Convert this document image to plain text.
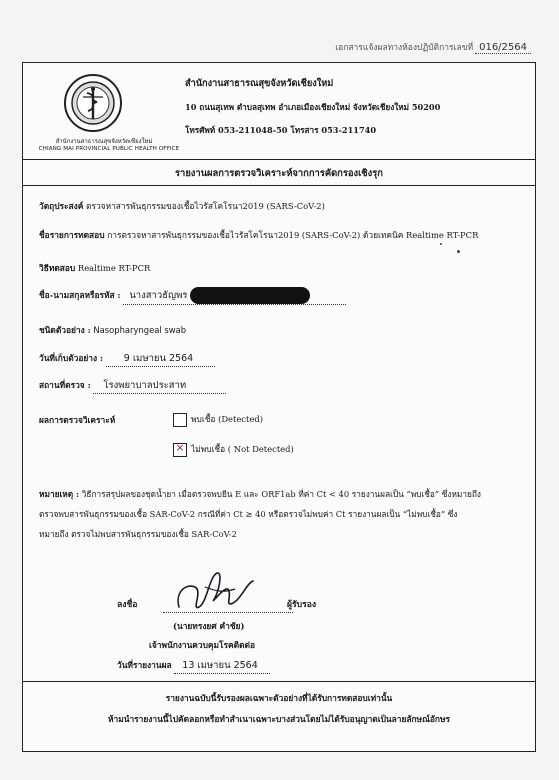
เอกสารแจ้งผลทางห้องปฏิบัติการเลขที่ 016/2564
สำนักงานสาธารณสุขจังหวัดเชียงใหม่
CHIANG MAI PROVINCIAL PUBLIC HEALTH OFFICE
สำนักงานสาธารณสุขจังหวัดเชียงใหม่
10 ถนนสุเทพ ตำบลสุเทพ อำเภอเมืองเชียงใหม่ จังหวัดเชียงใหม่ 50200
โทรศัพท์ 053-211048-50 โทรสาร 053-211740
รายงานผลการตรวจวิเคราะห์จากการคัดกรองเชิงรุก
วัตถุประสงค์ ตรวจหาสารพันธุกรรมของเชื้อไวรัสโคโรนา2019 (SARS-CoV-2)
ชื่อรายการทดสอบ การตรวจหาสารพันธุกรรมของเชื้อไวรัสโคโรนา2019 (SARS-CoV-2) ด้วยเทคนิค Realtime RT-PCR
วิธีทดสอบ Realtime RT-PCR
ชื่อ-นามสกุลหรือรหัส : นางสาวธัญพร
ชนิดตัวอย่าง : Nasopharyngeal swab
วันที่เก็บตัวอย่าง : 9 เมษายน 2564
สถานที่ตรวจ : โรงพยาบาลประสาท
ผลการตรวจวิเคราะห์	พบเชื้อ (Detected)
× ไม่พบเชื้อ ( Not Detected)
หมายเหตุ : วิธีการสรุปผลของชุดน้ำยา เมื่อตรวจพบยีน E และ ORF1ab ที่ค่า Ct < 40 รายงานผลเป็น “พบเชื้อ” ซึ่งหมายถึง
ตรวจพบสารพันธุกรรมของเชื้อ SAR-CoV-2 กรณีที่ค่า Ct ≥ 40 หรือตรวจไม่พบค่า Ct รายงานผลเป็น “ไม่พบเชื้อ” ซึ่ง
หมายถึง ตรวจไม่พบสารพันธุกรรมของเชื้อ SAR-CoV-2
ลงชื่อ	ผู้รับรอง
(นายทรงยศ คำชัย)
เจ้าพนักงานควบคุมโรคติดต่อ
วันที่รายงานผล 13 เมษายน 2564
รายงานฉบับนี้รับรองผลเฉพาะตัวอย่างที่ได้รับการทดสอบเท่านั้น
ห้ามนำรายงานนี้ไปคัดลอกหรือทำสำเนาเฉพาะบางส่วนโดยไม่ได้รับอนุญาตเป็นลายลักษณ์อักษร
